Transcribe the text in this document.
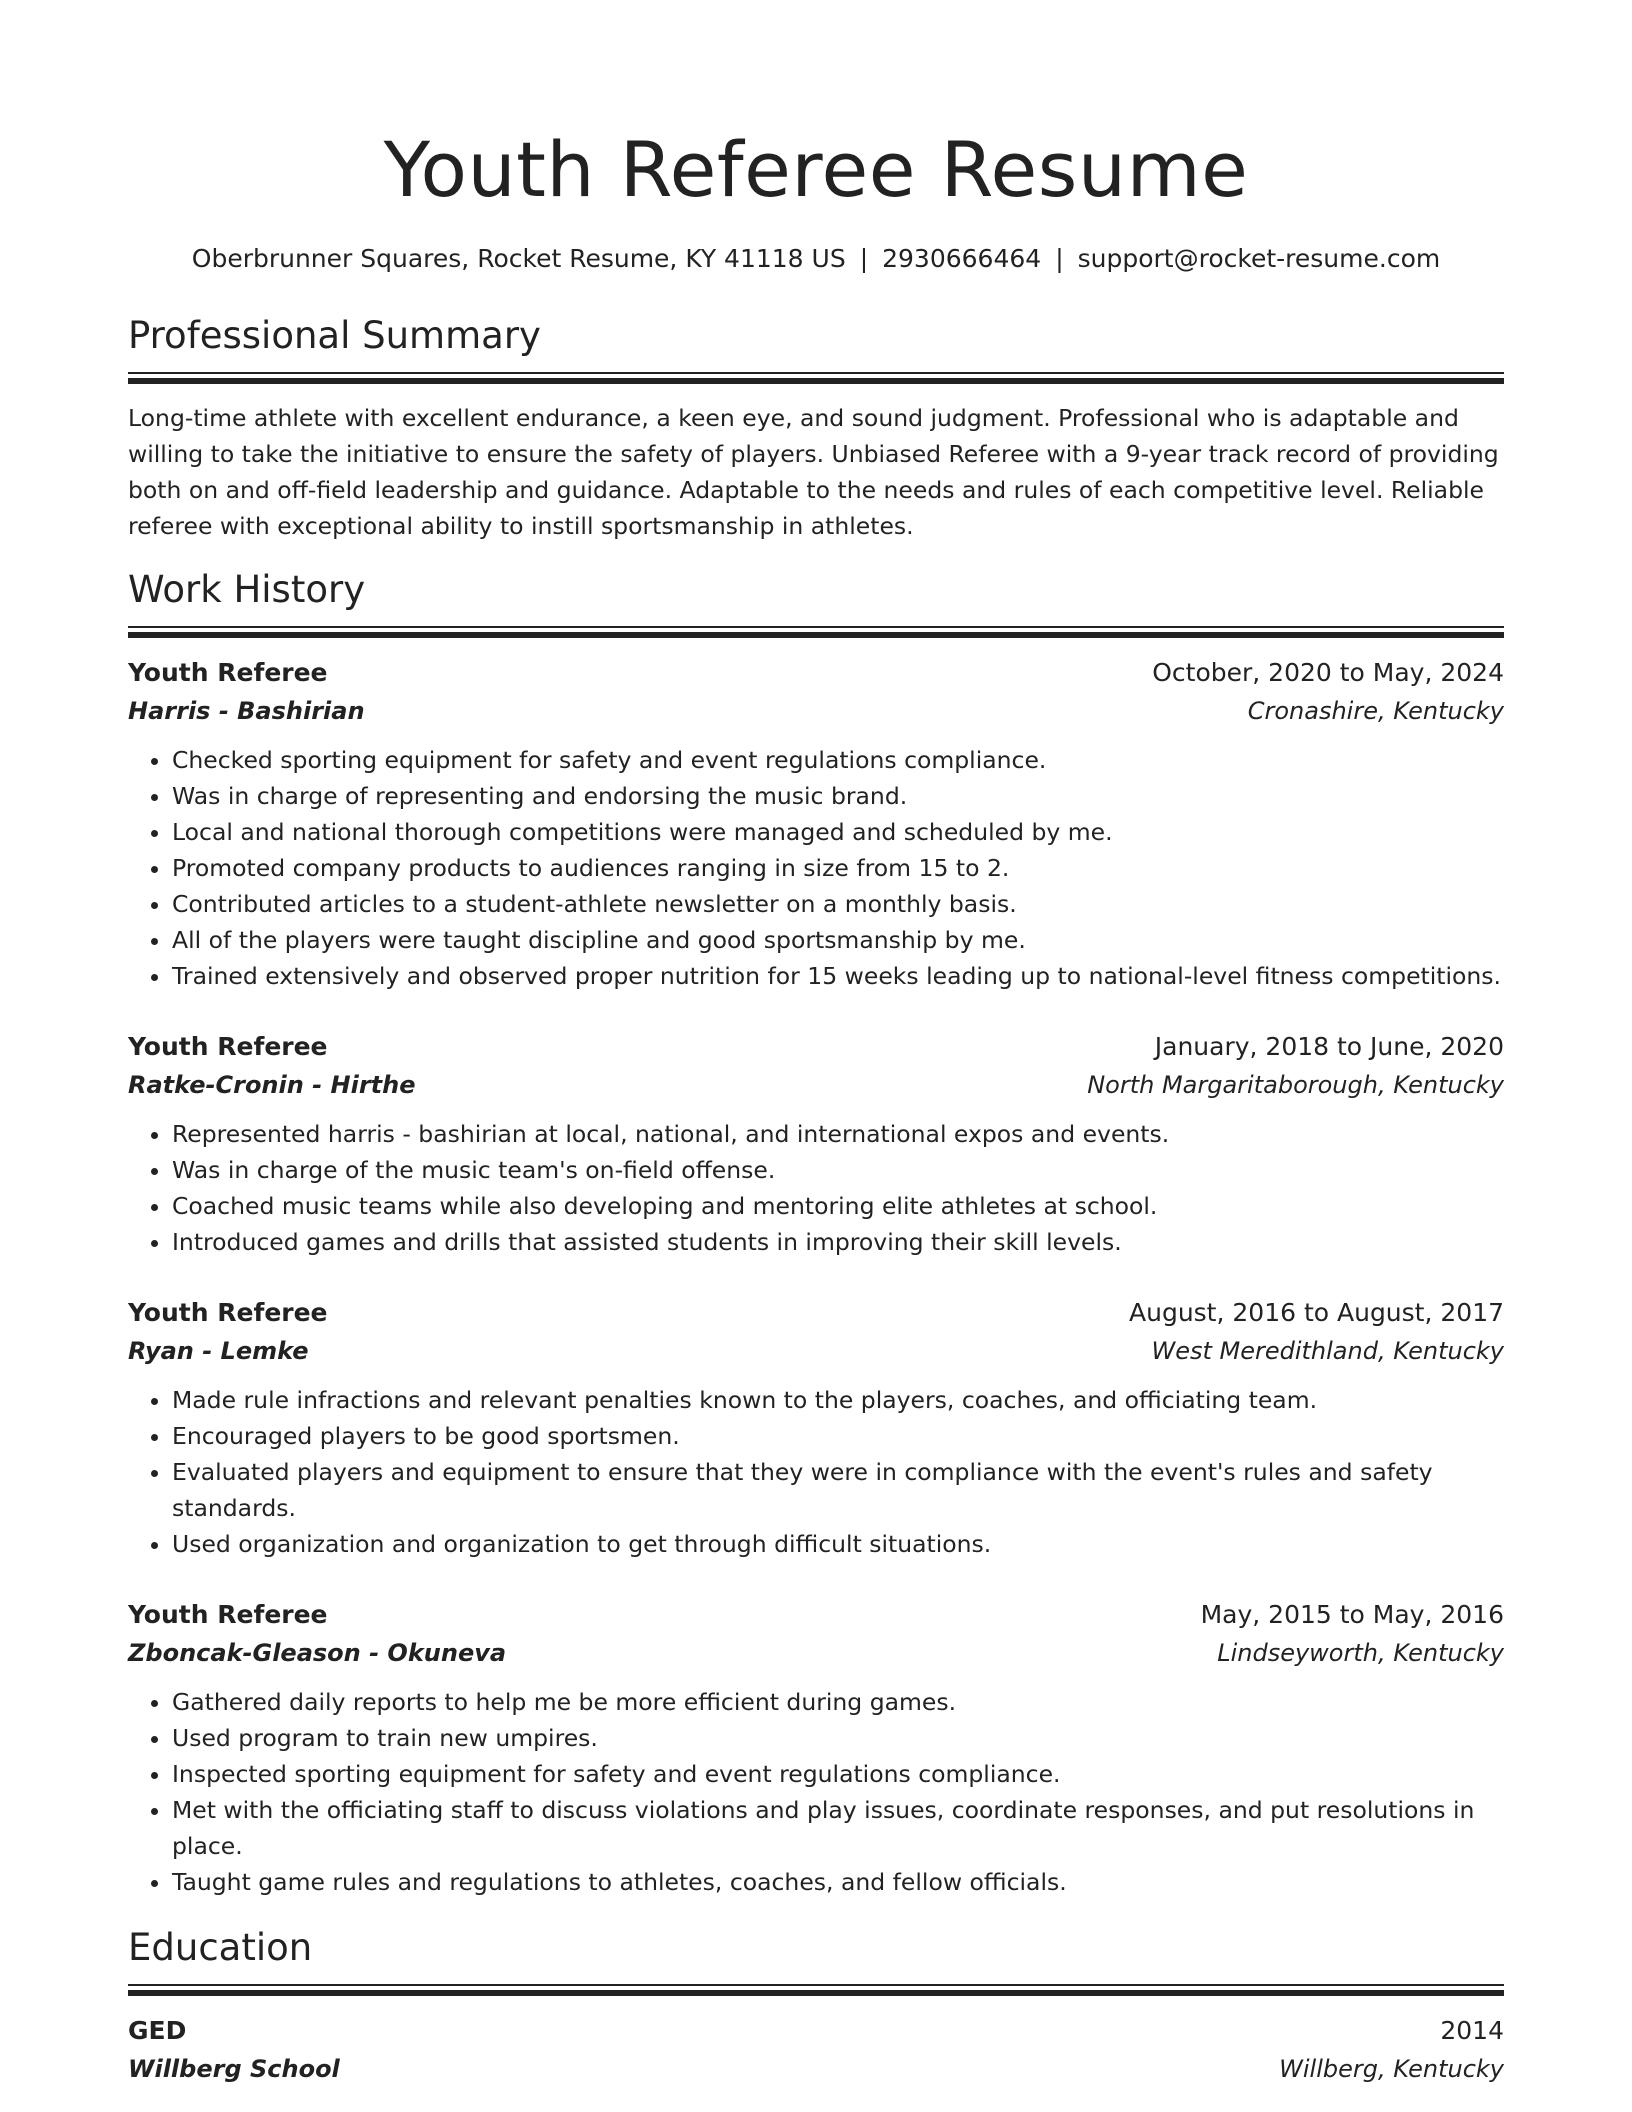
Youth Referee Resume
Oberbrunner Squares, Rocket Resume, KY 41118 US | 2930666464 | support@rocket-resume.com
Professional Summary

Long-time athlete with excellent endurance, a keen eye, and sound judgment. Professional who is adaptable and willing to take the initiative to ensure the safety of players. Unbiased Referee with a 9-year track record of providing both on and off-field leadership and guidance. Adaptable to the needs and rules of each competitive level. Reliable referee with exceptional ability to instill sportsmanship in athletes.

Work History
Youth Referee	October, 2020 to May, 2024
Harris - Bashirian	Cronashire, Kentucky
• Checked sporting equipment for safety and event regulations compliance.
• Was in charge of representing and endorsing the music brand.
• Local and national thorough competitions were managed and scheduled by me.
• Promoted company products to audiences ranging in size from 15 to 2.
• Contributed articles to a student-athlete newsletter on a monthly basis.
• All of the players were taught discipline and good sportsmanship by me.
• Trained extensively and observed proper nutrition for 15 weeks leading up to national-level fitness competitions.
Youth Referee	January, 2018 to June, 2020
Ratke-Cronin - Hirthe	North Margaritaborough, Kentucky
• Represented harris - bashirian at local, national, and international expos and events.
• Was in charge of the music team's on-field offense.
• Coached music teams while also developing and mentoring elite athletes at school.
• Introduced games and drills that assisted students in improving their skill levels.
Youth Referee	August, 2016 to August, 2017
Ryan - Lemke	West Meredithland, Kentucky
• Made rule infractions and relevant penalties known to the players, coaches, and officiating team.
• Encouraged players to be good sportsmen.
• Evaluated players and equipment to ensure that they were in compliance with the event's rules and safety standards.
• Used organization and organization to get through difficult situations.
Youth Referee	May, 2015 to May, 2016
Zboncak-Gleason - Okuneva	Lindseyworth, Kentucky
• Gathered daily reports to help me be more efficient during games.
• Used program to train new umpires.
• Inspected sporting equipment for safety and event regulations compliance.
• Met with the officiating staff to discuss violations and play issues, coordinate responses, and put resolutions in place.
• Taught game rules and regulations to athletes, coaches, and fellow officials.
Education
GED	2014
Willberg School	Willberg, Kentucky
